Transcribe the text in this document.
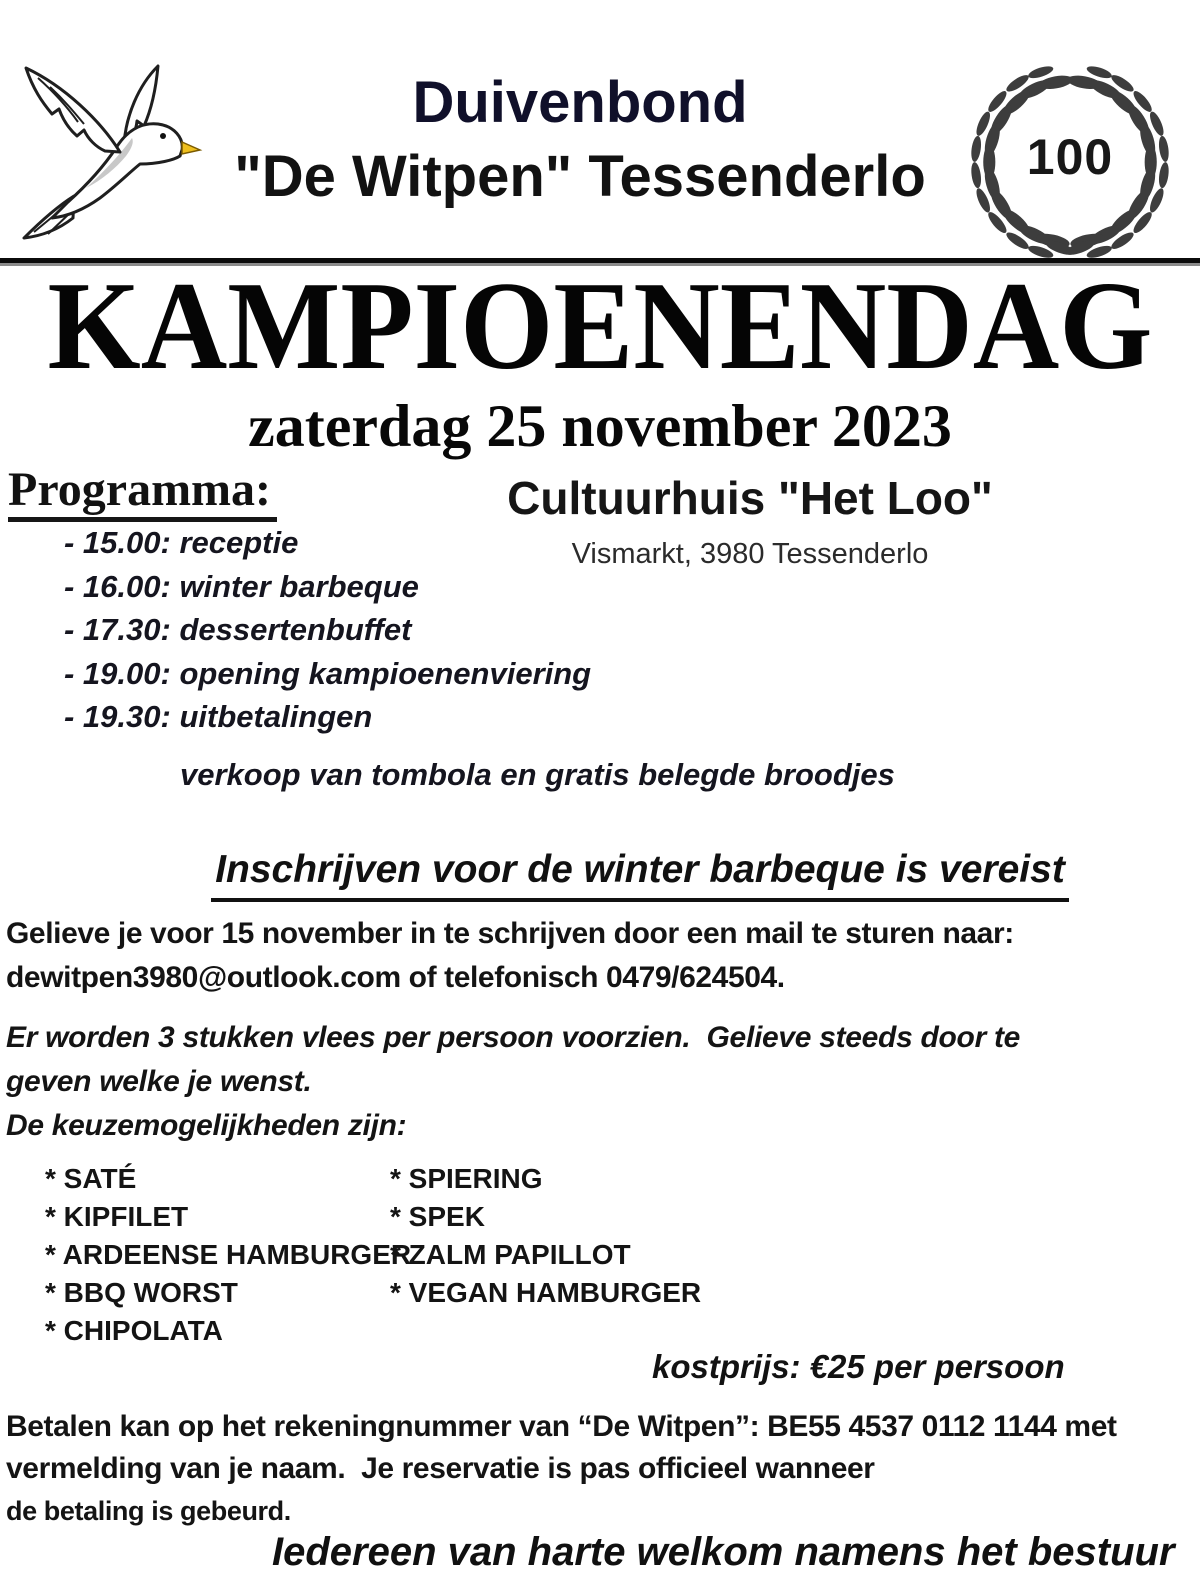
Duivenbond
"De Witpen" Tessenderlo	100
KAMPIOENENDAG
zaterdag 25 november 2023
Programma:	Cultuurhuis "Het Loo"
Vismarkt, 3980 Tessenderlo
- 15.00: receptie
- 16.00: winter barbeque
- 17.30: dessertenbuffet
- 19.00: opening kampioenenviering
- 19.30: uitbetalingen
verkoop van tombola en gratis belegde broodjes
Inschrijven voor de winter barbeque is vereist
Gelieve je voor 15 november in te schrijven door een mail te sturen naar:
dewitpen3980@outlook.com of telefonisch 0479/624504.
Er worden 3 stukken vlees per persoon voorzien.  Gelieve steeds door te
geven welke je wenst.
De keuzemogelijkheden zijn:
* SATÉ
* KIPFILET
* ARDEENSE HAMBURGER
* BBQ WORST
* CHIPOLATA
* SPIERING
* SPEK
* ZALM PAPILLOT
* VEGAN HAMBURGER
kostprijs: €25 per persoon
Betalen kan op het rekeningnummer van “De Witpen”: BE55 4537 0112 1144 met
vermelding van je naam.  Je reservatie is pas officieel wanneer
de betaling is gebeurd.
Iedereen van harte welkom namens het bestuur
